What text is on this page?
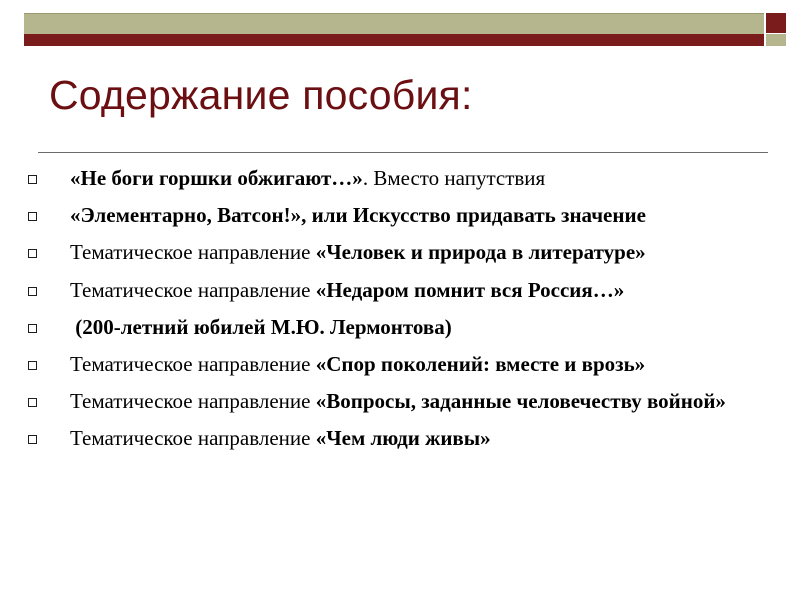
Содержание пособия:
«Не боги горшки обжигают…». Вместо напутствия
«Элементарно, Ватсон!», или Искусство придавать значение
Тематическое направление «Человек и природа в литературе»
Тематическое направление «Недаром помнит вся Россия…»
(200-летний юбилей М.Ю. Лермонтова)
Тематическое направление «Спор поколений: вместе и врозь»
Тематическое направление «Вопросы, заданные человечеству войной»
Тематическое направление «Чем люди живы»
